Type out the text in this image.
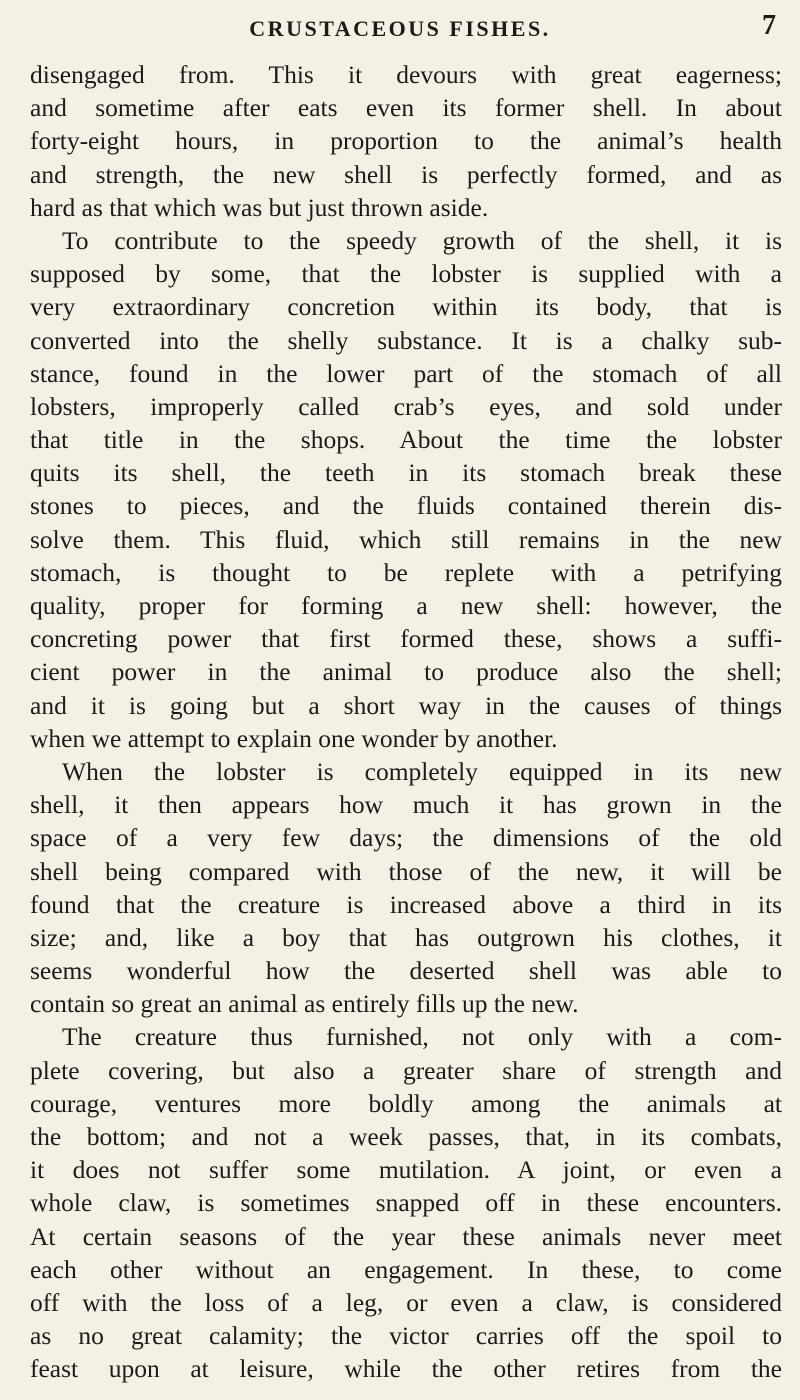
CRUSTACEOUS FISHES.	7
disengaged from. This it devours with great eagerness;
and sometime after eats even its former shell. In about
forty-eight hours, in proportion to the animal’s health
and strength, the new shell is perfectly formed, and as
hard as that which was but just thrown aside.
To contribute to the speedy growth of the shell, it is
supposed by some, that the lobster is supplied with a
very extraordinary concretion within its body, that is
converted into the shelly substance. It is a chalky sub-
stance, found in the lower part of the stomach of all
lobsters, improperly called crab’s eyes, and sold under
that title in the shops. About the time the lobster
quits its shell, the teeth in its stomach break these
stones to pieces, and the fluids contained therein dis-
solve them. This fluid, which still remains in the new
stomach, is thought to be replete with a petrifying
quality, proper for forming a new shell: however, the
concreting power that first formed these, shows a suffi-
cient power in the animal to produce also the shell;
and it is going but a short way in the causes of things
when we attempt to explain one wonder by another.
When the lobster is completely equipped in its new
shell, it then appears how much it has grown in the
space of a very few days; the dimensions of the old
shell being compared with those of the new, it will be
found that the creature is increased above a third in its
size; and, like a boy that has outgrown his clothes, it
seems wonderful how the deserted shell was able to
contain so great an animal as entirely fills up the new.
The creature thus furnished, not only with a com-
plete covering, but also a greater share of strength and
courage, ventures more boldly among the animals at
the bottom; and not a week passes, that, in its combats,
it does not suffer some mutilation. A joint, or even a
whole claw, is sometimes snapped off in these encounters.
At certain seasons of the year these animals never meet
each other without an engagement. In these, to come
off with the loss of a leg, or even a claw, is considered
as no great calamity; the victor carries off the spoil to
feast upon at leisure, while the other retires from the
